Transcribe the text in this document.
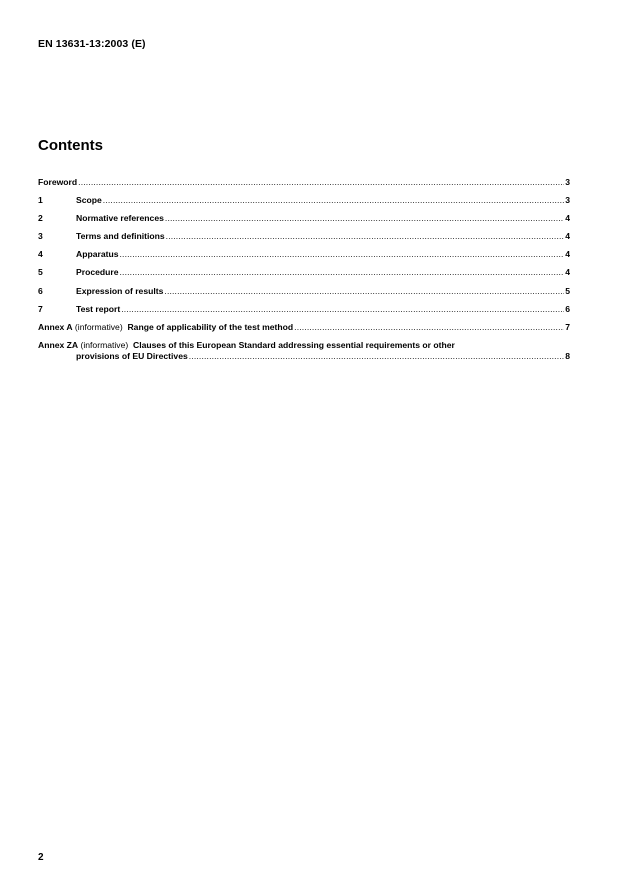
EN 13631-13:2003 (E)
Contents
Foreword .....	3
1	Scope .....	3
2	Normative references .....	4
3	Terms and definitions .....	4
4	Apparatus .....	4
5	Procedure .....	4
6	Expression of results .....	5
7	Test report .....	6
Annex A (informative)  Range of applicability of the test method .....	7
Annex ZA (informative)  Clauses of this European Standard addressing essential requirements or other
provisions of EU Directives .....	8
2
